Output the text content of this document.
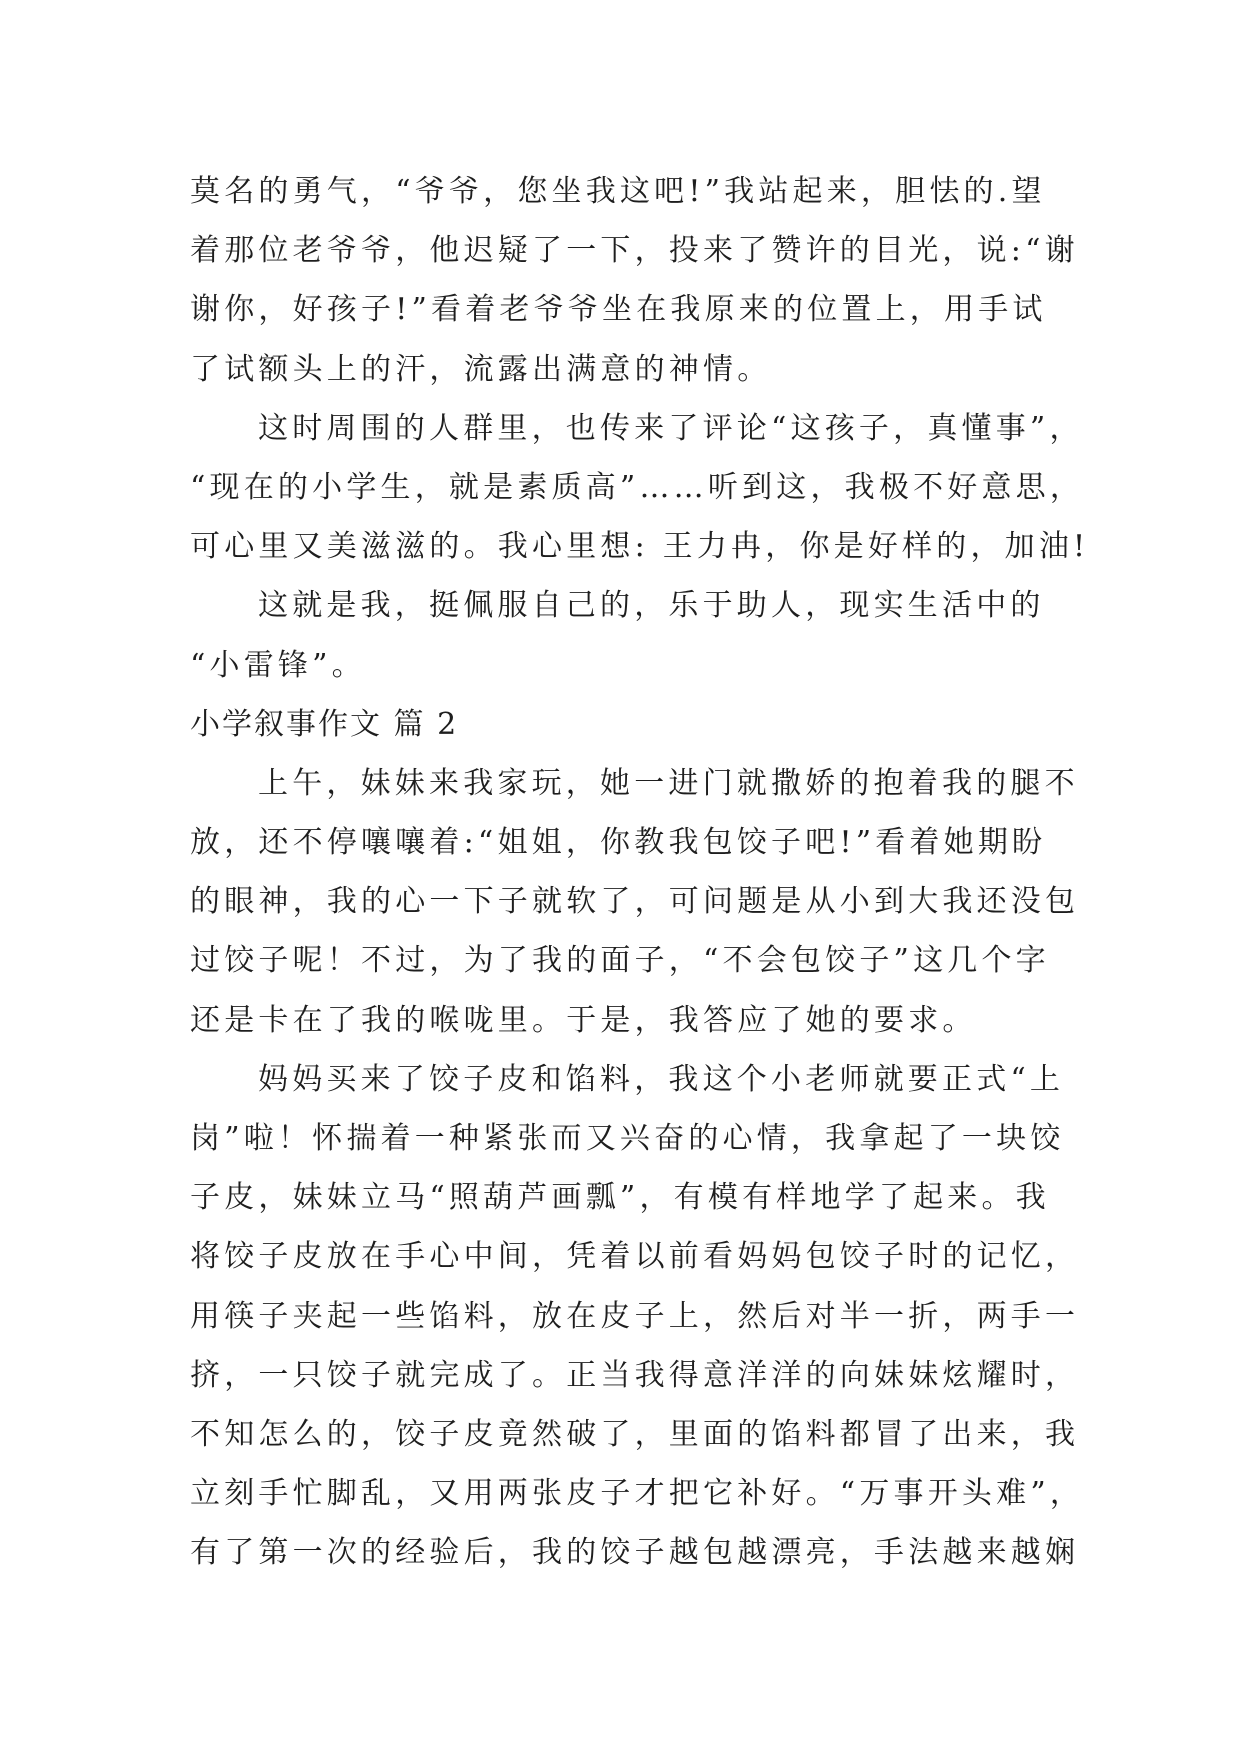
莫名的勇气，“爷爷，您坐我这吧!”我站起来，胆怯的.望
着那位老爷爷，他迟疑了一下，投来了赞许的目光，说:“谢
谢你，好孩子!”看着老爷爷坐在我原来的位置上，用手试
了试额头上的汗，流露出满意的神情。
这时周围的人群里，也传来了评论“这孩子，真懂事”，
“现在的小学生，就是素质高”……听到这，我极不好意思，
可心里又美滋滋的。我心里想: 王力冉，你是好样的，加油!
这就是我，挺佩服自己的，乐于助人，现实生活中的
“小雷锋”。
小学叙事作文 篇 2
上午，妹妹来我家玩，她一进门就撒娇的抱着我的腿不
放，还不停嚷嚷着:“姐姐，你教我包饺子吧!”看着她期盼
的眼神，我的心一下子就软了，可问题是从小到大我还没包
过饺子呢！不过，为了我的面子，“不会包饺子”这几个字
还是卡在了我的喉咙里。于是，我答应了她的要求。
妈妈买来了饺子皮和馅料，我这个小老师就要正式“上
岗”啦！怀揣着一种紧张而又兴奋的心情，我拿起了一块饺
子皮，妹妹立马“照葫芦画瓢”，有模有样地学了起来。我
将饺子皮放在手心中间，凭着以前看妈妈包饺子时的记忆，
用筷子夹起一些馅料，放在皮子上，然后对半一折，两手一
挤，一只饺子就完成了。正当我得意洋洋的向妹妹炫耀时，
不知怎么的，饺子皮竟然破了，里面的馅料都冒了出来，我
立刻手忙脚乱，又用两张皮子才把它补好。“万事开头难”，
有了第一次的经验后，我的饺子越包越漂亮，手法越来越娴
